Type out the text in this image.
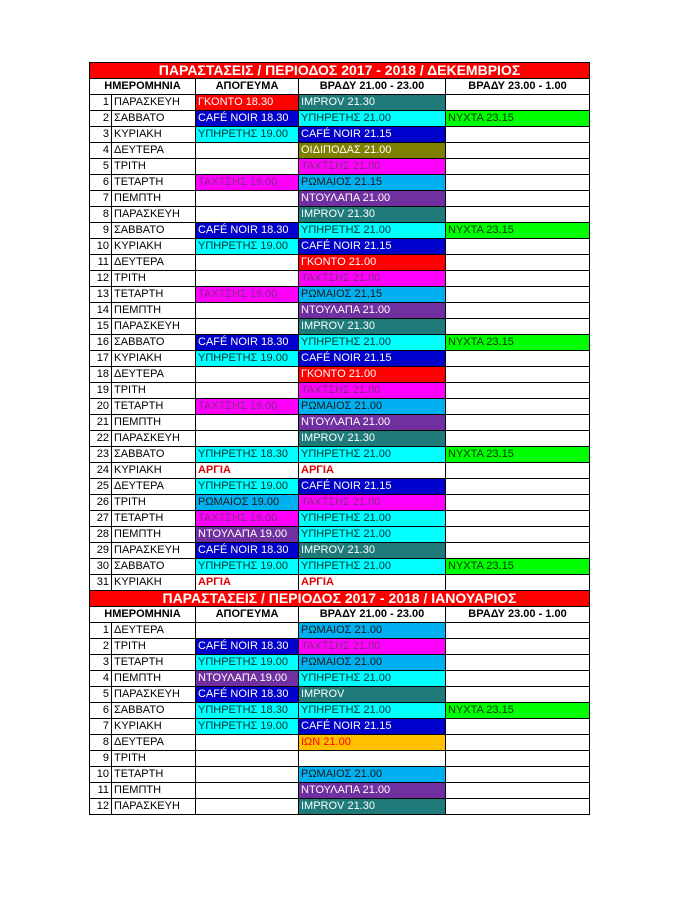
ΠΑΡΑΣΤΑΣΕΙΣ / ΠΕΡΙΟΔΟΣ 2017 - 2018 / ΔΕΚΕΜΒΡΙΟΣ				
ΗΜΕΡΟΜΗΝΙΑ		ΑΠΟΓΕΥΜΑ	ΒΡΑΔΥ 21.00 - 23.00	ΒΡΑΔΥ 23.00 - 1.00
1	ΠΑΡΑΣΚΕΥΗ	ΓΚΟΝΤΟ 18.30	IMPROV 21.30	
2	ΣΑΒΒΑΤΟ	CAFÉ NOIR 18.30	ΥΠΗΡΕΤΗΣ 21.00	ΝΥΧΤΑ 23.15
3	ΚΥΡΙΑΚΗ	ΥΠΗΡΕΤΗΣ 19.00	CAFÉ NOIR 21.15	
4	ΔΕΥΤΕΡΑ		ΟΙΔΙΠΟΔΑΣ 21.00	
5	ΤΡΙΤΗ		ΤΑΧΤΣΗΣ 21.00	
6	ΤΕΤΑΡΤΗ	ΤΑΧΤΣΗΣ 19.00	ΡΩΜΑΙΟΣ 21.15	
7	ΠΕΜΠΤΗ		ΝΤΟΥΛΑΠΑ 21.00	
8	ΠΑΡΑΣΚΕΥΗ		IMPROV 21.30	
9	ΣΑΒΒΑΤΟ	CAFÉ NOIR 18.30	ΥΠΗΡΕΤΗΣ 21.00	ΝΥΧΤΑ 23.15
10	ΚΥΡΙΑΚΗ	ΥΠΗΡΕΤΗΣ 19.00	CAFÉ NOIR 21.15	
11	ΔΕΥΤΕΡΑ		ΓΚΟΝΤΟ 21.00	
12	ΤΡΙΤΗ		ΤΑΧΤΣΗΣ 21.00	
13	ΤΕΤΑΡΤΗ	ΤΑΧΤΣΗΣ 19.00	ΡΩΜΑΙΟΣ 21,15	
14	ΠΕΜΠΤΗ		ΝΤΟΥΛΑΠΑ 21.00	
15	ΠΑΡΑΣΚΕΥΗ		IMPROV 21.30	
16	ΣΑΒΒΑΤΟ	CAFÉ NOIR 18.30	ΥΠΗΡΕΤΗΣ 21.00	ΝΥΧΤΑ 23.15
17	ΚΥΡΙΑΚΗ	ΥΠΗΡΕΤΗΣ 19.00	CAFÉ NOIR 21.15	
18	ΔΕΥΤΕΡΑ		ΓΚΟΝΤΟ 21.00	
19	ΤΡΙΤΗ		ΤΑΧΤΣΗΣ 21.00	
20	ΤΕΤΑΡΤΗ	ΤΑΧΤΣΗΣ 19.00	ΡΩΜΑΙΟΣ 21.00	
21	ΠΕΜΠΤΗ		ΝΤΟΥΛΑΠΑ 21.00	
22	ΠΑΡΑΣΚΕΥΗ		IMPROV 21.30	
23	ΣΑΒΒΑΤΟ	ΥΠΗΡΕΤΗΣ 18.30	ΥΠΗΡΕΤΗΣ 21.00	ΝΥΧΤΑ 23.15
24	ΚΥΡΙΑΚΗ	ΑΡΓΙΑ	ΑΡΓΙΑ	
25	ΔΕΥΤΕΡΑ	ΥΠΗΡΕΤΗΣ 19.00	CAFÉ NOIR 21.15	
26	ΤΡΙΤΗ	ΡΩΜΑΙΟΣ 19.00	ΤΑΧΤΣΗΣ 21.00	
27	ΤΕΤΑΡΤΗ	ΤΑΧΤΣΗΣ 19.00	ΥΠΗΡΕΤΗΣ 21.00	
28	ΠΕΜΠΤΗ	ΝΤΟΥΛΑΠΑ 19.00	ΥΠΗΡΕΤΗΣ 21.00	
29	ΠΑΡΑΣΚΕΥΗ	CAFÉ NOIR 18.30	IMPROV 21.30	
30	ΣΑΒΒΑΤΟ	ΥΠΗΡΕΤΗΣ 19.00	ΥΠΗΡΕΤΗΣ 21.00	ΝΥΧΤΑ 23.15
31	ΚΥΡΙΑΚΗ	ΑΡΓΙΑ	ΑΡΓΙΑ	
ΠΑΡΑΣΤΑΣΕΙΣ / ΠΕΡΙΟΔΟΣ 2017 - 2018 / ΙΑΝΟΥΑΡΙΟΣ				
ΗΜΕΡΟΜΗΝΙΑ		ΑΠΟΓΕΥΜΑ	ΒΡΑΔΥ 21.00 - 23.00	ΒΡΑΔΥ 23.00 - 1.00
1	ΔΕΥΤΕΡΑ		ΡΩΜΑΙΟΣ 21.00	
2	ΤΡΙΤΗ	CAFÉ NOIR 18.30	ΤΑΧΤΣΗΣ 21.00	
3	ΤΕΤΑΡΤΗ	ΥΠΗΡΕΤΗΣ 19.00	ΡΩΜΑΙΟΣ 21.00	
4	ΠΕΜΠΤΗ	ΝΤΟΥΛΑΠΑ 19.00	ΥΠΗΡΕΤΗΣ 21.00	
5	ΠΑΡΑΣΚΕΥΗ	CAFÉ NOIR 18.30	IMPROV	
6	ΣΑΒΒΑΤΟ	ΥΠΗΡΕΤΗΣ 18.30	ΥΠΗΡΕΤΗΣ 21.00	ΝΥΧΤΑ 23.15
7	ΚΥΡΙΑΚΗ	ΥΠΗΡΕΤΗΣ 19.00	CAFÉ NOIR 21.15	
8	ΔΕΥΤΕΡΑ		ΙΩΝ 21.00	
9	ΤΡΙΤΗ			
10	ΤΕΤΑΡΤΗ		ΡΩΜΑΙΟΣ 21.00	
11	ΠΕΜΠΤΗ		ΝΤΟΥΛΑΠΑ 21.00	
12	ΠΑΡΑΣΚΕΥΗ		IMPROV 21.30	
